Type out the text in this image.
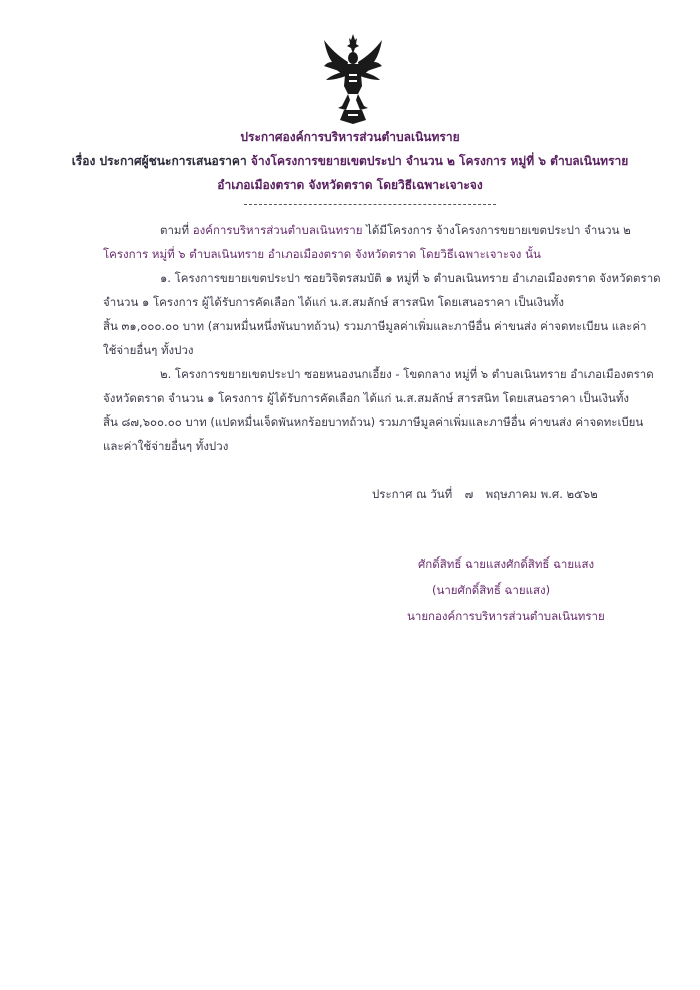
ประกาศองค์การบริหารส่วนตำบลเนินทราย
เรื่อง ประกาศผู้ชนะการเสนอราคา จ้างโครงการขยายเขตประปา จำนวน ๒ โครงการ หมู่ที่ ๖ ตำบลเนินทราย
อำเภอเมืองตราด จังหวัดตราด โดยวิธีเฉพาะเจาะจง
ตามที่ องค์การบริหารส่วนตำบลเนินทราย ได้มีโครงการ จ้างโครงการขยายเขตประปา จำนวน ๒
โครงการ หมู่ที่ ๖ ตำบลเนินทราย อำเภอเมืองตราด จังหวัดตราด โดยวิธีเฉพาะเจาะจง นั้น
๑. โครงการขยายเขตประปา ซอยวิจิตรสมบัติ ๑ หมู่ที่ ๖ ตำบลเนินทราย อำเภอเมืองตราด จังหวัดตราด
จำนวน ๑ โครงการ ผู้ได้รับการคัดเลือก ได้แก่ น.ส.สมลักษ์ สารสนิท โดยเสนอราคา เป็นเงินทั้ง
สิ้น ๓๑,๐๐๐.๐๐ บาท (สามหมื่นหนึ่งพันบาทถ้วน) รวมภาษีมูลค่าเพิ่มและภาษีอื่น ค่าขนส่ง ค่าจดทะเบียน และค่า
ใช้จ่ายอื่นๆ ทั้งปวง
๒. โครงการขยายเขตประปา ซอยหนองนกเอี้ยง - โขดกลาง หมู่ที่ ๖ ตำบลเนินทราย อำเภอเมืองตราด
จังหวัดตราด จำนวน ๑ โครงการ ผู้ได้รับการคัดเลือก ได้แก่ น.ส.สมลักษ์ สารสนิท โดยเสนอราคา เป็นเงินทั้ง
สิ้น ๘๗,๖๐๐.๐๐ บาท (แปดหมื่นเจ็ดพันหกร้อยบาทถ้วน) รวมภาษีมูลค่าเพิ่มและภาษีอื่น ค่าขนส่ง ค่าจดทะเบียน
และค่าใช้จ่ายอื่นๆ ทั้งปวง
ประกาศ ณ วันที่ ๗ พฤษภาคม พ.ศ. ๒๕๖๒
ศักดิ์สิทธิ์ ฉายแสงศักดิ์สิทธิ์ ฉายแสง
(นายศักดิ์สิทธิ์ ฉายแสง)
นายกองค์การบริหารส่วนตำบลเนินทราย
